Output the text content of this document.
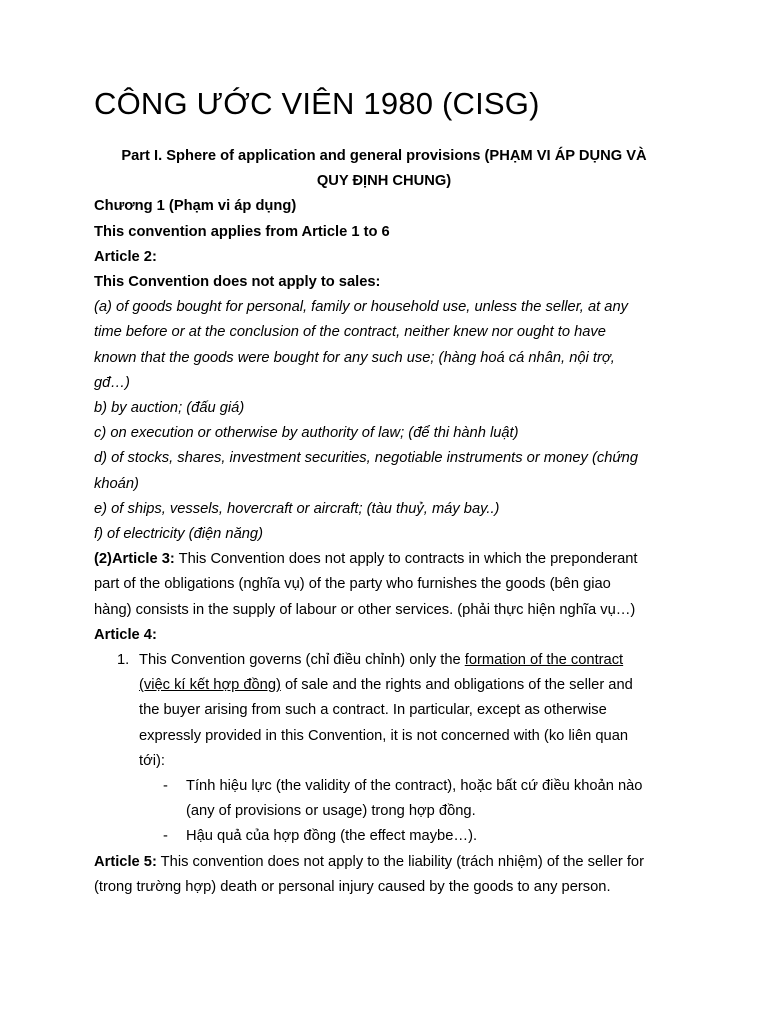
CÔNG ƯỚC VIÊN 1980 (CISG)

Part I. Sphere of application and general provisions (PHẠM VI ÁP DỤNG VÀ

QUY ĐỊNH CHUNG)

Chương 1 (Phạm vi áp dụng)

This convention applies from Article 1 to 6

Article 2:

This Convention does not apply to sales:

(a) of goods bought for personal, family or household use, unless the seller, at any

time before or at the conclusion of the contract, neither knew nor ought to have

known that the goods were bought for any such use; (hàng hoá cá nhân, nội trợ,

gđ…)

b) by auction; (đấu giá)

c) on execution or otherwise by authority of law; (để thi hành luật)

d) of stocks, shares, investment securities, negotiable instruments or money (chứng

khoán)

e) of ships, vessels, hovercraft or aircraft; (tàu thuỷ, máy bay..)

f) of electricity (điện năng)

(2)Article 3: This Convention does not apply to contracts in which the preponderant

part of the obligations (nghĩa vụ) of the party who furnishes the goods (bên giao

hàng) consists in the supply of labour or other services. (phải thực hiện nghĩa vụ…)

Article 4:

1. This Convention governs (chỉ điều chỉnh) only the formation of the contract

(việc kí kết hợp đồng) of sale and the rights and obligations of the seller and

the buyer arising from such a contract. In particular, except as otherwise

expressly provided in this Convention, it is not concerned with (ko liên quan

tới):

- Tính hiệu lực (the validity of the contract), hoặc bất cứ điều khoản nào

(any of provisions or usage) trong hợp đồng.

- Hậu quả của hợp đồng (the effect maybe…).

Article 5: This convention does not apply to the liability (trách nhiệm) of the seller for

(trong trường hợp) death or personal injury caused by the goods to any person.
